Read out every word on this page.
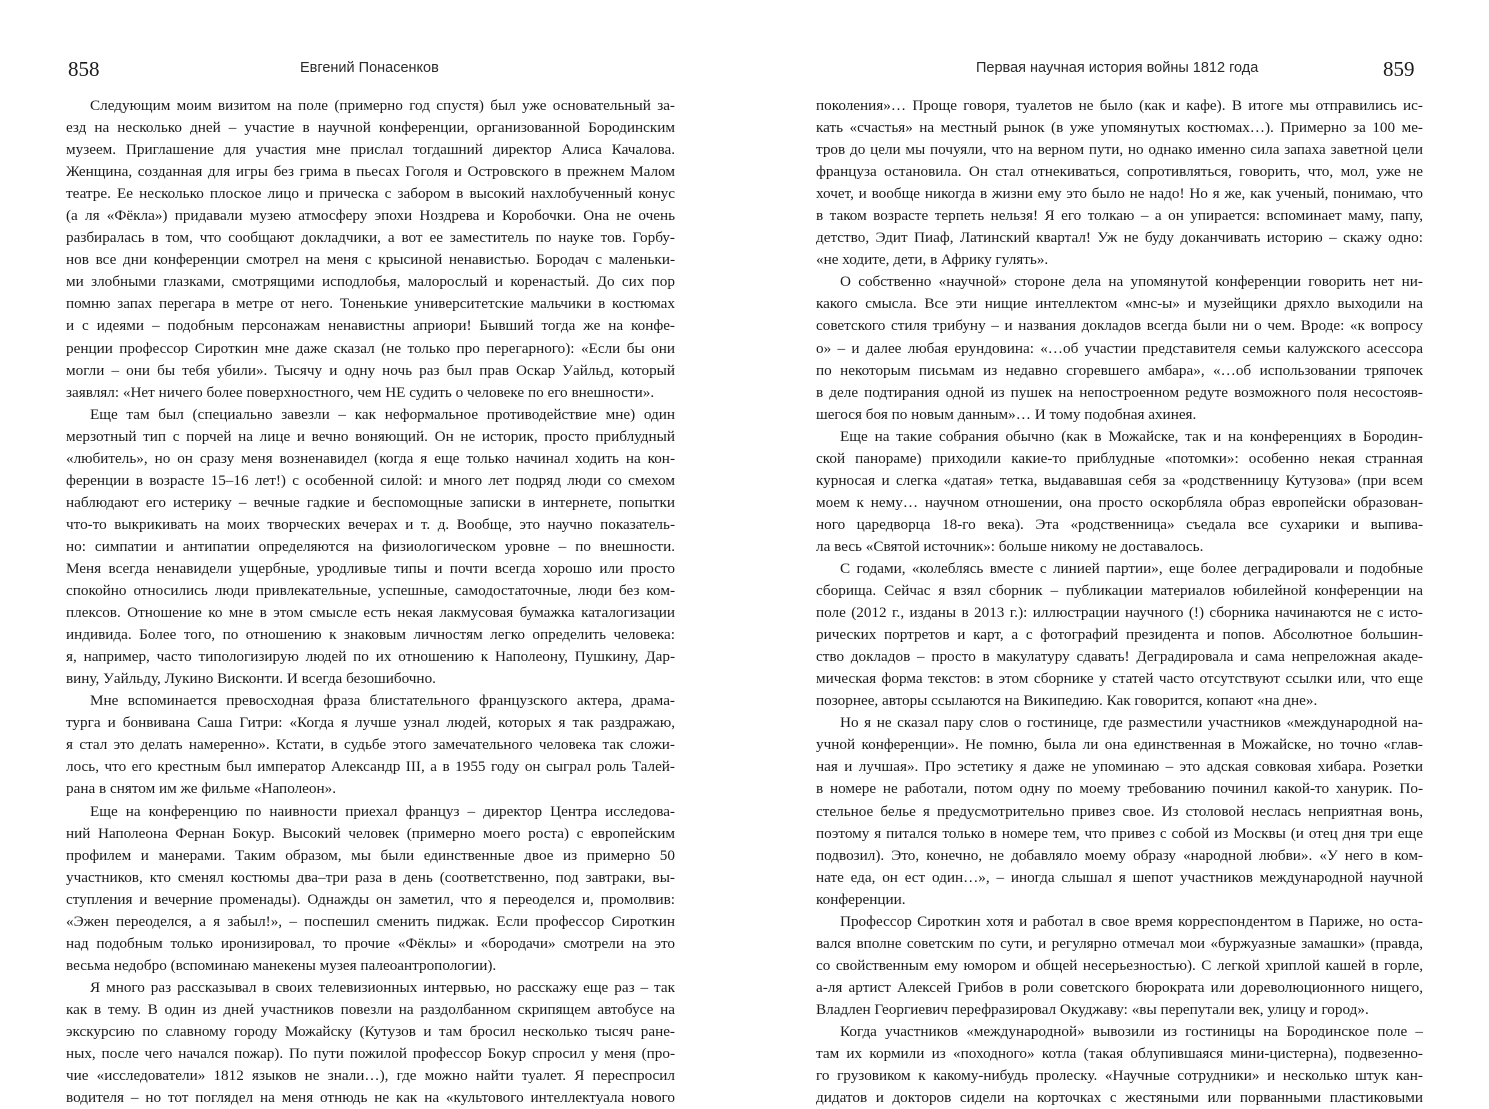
858	Евгений Понасенков
Следующим моим визитом на поле (примерно год спустя) был уже основательный за-
езд на несколько дней – участие в научной конференции, организованной Бородинским
музеем. Приглашение для участия мне прислал тогдашний директор Алиса Качалова.
Женщина, созданная для игры без грима в пьесах Гоголя и Островского в прежнем Малом
театре. Ее несколько плоское лицо и прическа с забором в высокий нахлобученный конус
(а ля «Фёкла») придавали музею атмосферу эпохи Ноздрева и Коробочки. Она не очень
разбиралась в том, что сообщают докладчики, а вот ее заместитель по науке тов. Горбу-
нов все дни конференции смотрел на меня с крысиной ненавистью. Бородач с маленьки-
ми злобными глазками, смотрящими исподлобья, малорослый и коренастый. До сих пор
помню запах перегара в метре от него. Тоненькие университетские мальчики в костюмах
и с идеями – подобным персонажам ненавистны априори! Бывший тогда же на конфе-
ренции профессор Сироткин мне даже сказал (не только про перегарного): «Если бы они
могли – они бы тебя убили». Тысячу и одну ночь раз был прав Оскар Уайльд, который
заявлял: «Нет ничего более поверхностного, чем НЕ судить о человеке по его внешности».
Еще там был (специально завезли – как неформальное противодействие мне) один
мерзотный тип с порчей на лице и вечно воняющий. Он не историк, просто приблудный
«любитель», но он сразу меня возненавидел (когда я еще только начинал ходить на кон-
ференции в возрасте 15–16 лет!) с особенной силой: и много лет подряд люди со смехом
наблюдают его истерику – вечные гадкие и беспомощные записки в интернете, попытки
что-то выкрикивать на моих творческих вечерах и т. д. Вообще, это научно показатель-
но: симпатии и антипатии определяются на физиологическом уровне – по внешности.
Меня всегда ненавидели ущербные, уродливые типы и почти всегда хорошо или просто
спокойно относились люди привлекательные, успешные, самодостаточные, люди без ком-
плексов. Отношение ко мне в этом смысле есть некая лакмусовая бумажка каталогизации
индивида. Более того, по отношению к знаковым личностям легко определить человека:
я, например, часто типологизирую людей по их отношению к Наполеону, Пушкину, Дар-
вину, Уайльду, Лукино Висконти. И всегда безошибочно.
Мне вспоминается превосходная фраза блистательного французского актера, драма-
турга и бонвивана Саша Гитри: «Когда я лучше узнал людей, которых я так раздражаю,
я стал это делать намеренно». Кстати, в судьбе этого замечательного человека так сложи-
лось, что его крестным был император Александр III, а в 1955 году он сыграл роль Талей-
рана в снятом им же фильме «Наполеон».
Еще на конференцию по наивности приехал француз – директор Центра исследова-
ний Наполеона Фернан Бокур. Высокий человек (примерно моего роста) с европейским
профилем и манерами. Таким образом, мы были единственные двое из примерно 50
участников, кто сменял костюмы два–три раза в день (соответственно, под завтраки, вы-
ступления и вечерние променады). Однажды он заметил, что я переоделся и, промолвив:
«Эжен переоделся, а я забыл!», – поспешил сменить пиджак. Если профессор Сироткин
над подобным только иронизировал, то прочие «Фёклы» и «бородачи» смотрели на это
весьма недобро (вспоминаю манекены музея палеоантропологии).
Я много раз рассказывал в своих телевизионных интервью, но расскажу еще раз – так
как в тему. В один из дней участников повезли на раздолбанном скрипящем автобусе на
экскурсию по славному городу Можайску (Кутузов и там бросил несколько тысяч ране-
ных, после чего начался пожар). По пути пожилой профессор Бокур спросил у меня (про-
чие «исследователи» 1812 языков не знали…), где можно найти туалет. Я переспросил
водителя – но тот поглядел на меня отнюдь не как на «культового интеллектуала нового
Первая научная история войны 1812 года	859
поколения»… Проще говоря, туалетов не было (как и кафе). В итоге мы отправились ис-
кать «счастья» на местный рынок (в уже упомянутых костюмах…). Примерно за 100 ме-
тров до цели мы почуяли, что на верном пути, но однако именно сила запаха заветной цели
француза остановила. Он стал отнекиваться, сопротивляться, говорить, что, мол, уже не
хочет, и вообще никогда в жизни ему это было не надо! Но я же, как ученый, понимаю, что
в таком возрасте терпеть нельзя! Я его толкаю – а он упирается: вспоминает маму, папу,
детство, Эдит Пиаф, Латинский квартал! Уж не буду доканчивать историю – скажу одно:
«не ходите, дети, в Африку гулять».
О собственно «научной» стороне дела на упомянутой конференции говорить нет ни-
какого смысла. Все эти нищие интеллектом «мнс-ы» и музейщики дряхло выходили на
советского стиля трибуну – и названия докладов всегда были ни о чем. Вроде: «к вопросу
о» – и далее любая ерундовина: «…об участии представителя семьи калужского асессора
по некоторым письмам из недавно сгоревшего амбара», «…об использовании тряпочек
в деле подтирания одной из пушек на непостроенном редуте возможного поля несостояв-
шегося боя по новым данным»… И тому подобная ахинея.
Еще на такие собрания обычно (как в Можайске, так и на конференциях в Бородин-
ской панораме) приходили какие-то приблудные «потомки»: особенно некая странная
курносая и слегка «датая» тетка, выдававшая себя за «родственницу Кутузова» (при всем
моем к нему… научном отношении, она просто оскорбляла образ европейски образован-
ного царедворца 18-го века). Эта «родственница» съедала все сухарики и выпива-
ла весь «Святой источник»: больше никому не доставалось.
С годами, «колеблясь вместе с линией партии», еще более деградировали и подобные
сборища. Сейчас я взял сборник – публикации материалов юбилейной конференции на
поле (2012 г., изданы в 2013 г.): иллюстрации научного (!) сборника начинаются не с исто-
рических портретов и карт, а с фотографий президента и попов. Абсолютное большин-
ство докладов – просто в макулатуру сдавать! Деградировала и сама непреложная акаде-
мическая форма текстов: в этом сборнике у статей часто отсутствуют ссылки или, что еще
позорнее, авторы ссылаются на Википедию. Как говорится, копают «на дне».
Но я не сказал пару слов о гостинице, где разместили участников «международной на-
учной конференции». Не помню, была ли она единственная в Можайске, но точно «глав-
ная и лучшая». Про эстетику я даже не упоминаю – это адская совковая хибара. Розетки
в номере не работали, потом одну по моему требованию починил какой-то ханурик. По-
стельное белье я предусмотрительно привез свое. Из столовой неслась неприятная вонь,
поэтому я питался только в номере тем, что привез с собой из Москвы (и отец дня три еще
подвозил). Это, конечно, не добавляло моему образу «народной любви». «У него в ком-
нате еда, он ест один…», – иногда слышал я шепот участников международной научной
конференции.
Профессор Сироткин хотя и работал в свое время корреспондентом в Париже, но оста-
вался вполне советским по сути, и регулярно отмечал мои «буржуазные замашки» (правда,
со свойственным ему юмором и общей несерьезностью). С легкой хриплой кашей в горле,
а-ля артист Алексей Грибов в роли советского бюрократа или дореволюционного нищего,
Владлен Георгиевич перефразировал Окуджаву: «вы перепутали век, улицу и город».
Когда участников «международной» вывозили из гостиницы на Бородинское поле –
там их кормили из «походного» котла (такая облупившаяся мини-цистерна), подвезенно-
го грузовиком к какому-нибудь пролеску. «Научные сотрудники» и несколько штук кан-
дидатов и докторов сидели на корточках с жестяными или порванными пластиковыми
